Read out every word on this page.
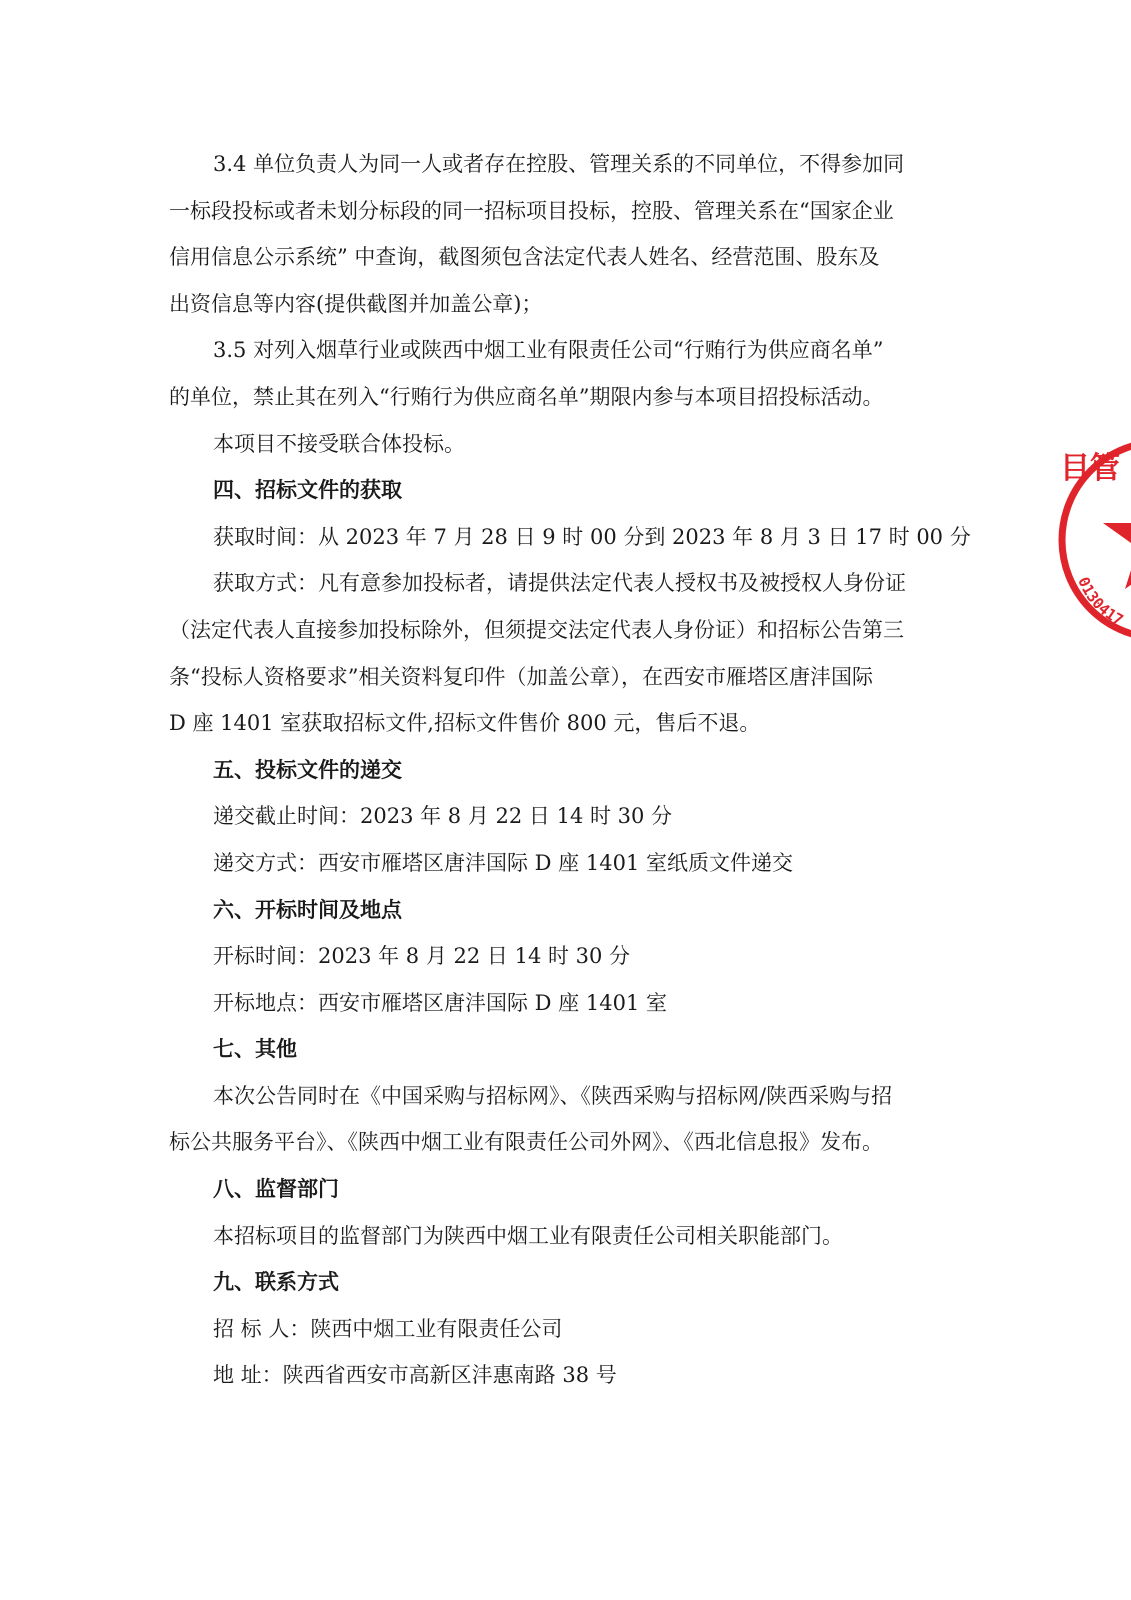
3.4 单位负责人为同一人或者存在控股、管理关系的不同单位，不得参加同
一标段投标或者未划分标段的同一招标项目投标，控股、管理关系在“国家企业
信用信息公示系统” 中查询，截图须包含法定代表人姓名、经营范围、股东及
出资信息等内容(提供截图并加盖公章)；
3.5 对列入烟草行业或陕西中烟工业有限责任公司“行贿行为供应商名单”
的单位，禁止其在列入“行贿行为供应商名单”期限内参与本项目招投标活动。
本项目不接受联合体投标。
四、招标文件的获取
获取时间：从 2023 年 7 月 28 日 9 时 00 分到 2023 年 8 月 3 日 17 时 00 分
获取方式：凡有意参加投标者，请提供法定代表人授权书及被授权人身份证
（法定代表人直接参加投标除外，但须提交法定代表人身份证）和招标公告第三
条“投标人资格要求”相关资料复印件（加盖公章），在西安市雁塔区唐沣国际
D 座 1401 室获取招标文件,招标文件售价 800 元，售后不退。
五、投标文件的递交
递交截止时间：2023 年 8 月 22 日 14 时 30 分
递交方式：西安市雁塔区唐沣国际 D 座 1401 室纸质文件递交
六、开标时间及地点
开标时间：2023 年 8 月 22 日 14 时 30 分
开标地点：西安市雁塔区唐沣国际 D 座 1401 室
七、其他
本次公告同时在《中国采购与招标网》、《陕西采购与招标网/陕西采购与招
标公共服务平台》、《陕西中烟工业有限责任公司外网》、《西北信息报》发布。
八、监督部门
本招标项目的监督部门为陕西中烟工业有限责任公司相关职能部门。
九、联系方式
招 标 人：陕西中烟工业有限责任公司
地 址：陕西省西安市高新区沣惠南路 38 号
目管
0130417
